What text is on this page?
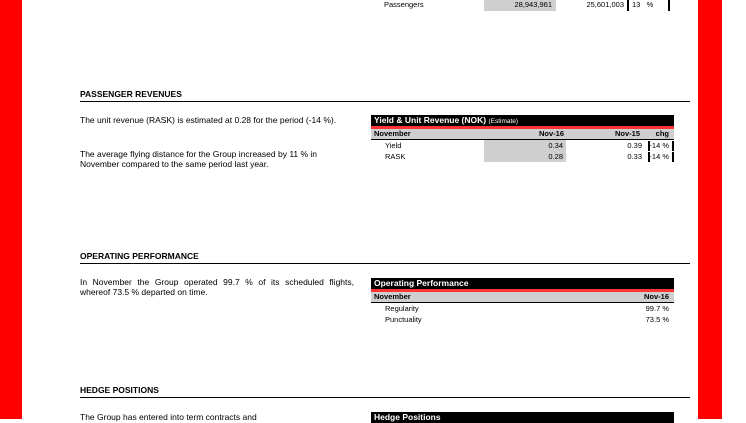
Passengers	28,943,961	25,601,003 13 %
PASSENGER REVENUES
The unit revenue (RASK) is estimated at 0.28 for the period (-14 %).
The average flying distance for the Group increased by 11 % in November compared to the same period last year.
Yield & Unit Revenue (NOK) (Estimate)
November	Nov-16	Nov-15	chg
Yield	0.34	0.39 -14 %
RASK	0.28	0.33 -14 %
OPERATING PERFORMANCE
In November the Group operated 99.7 % of its scheduled flights, whereof 73.5 % departed on time.
Operating Performance
November	Nov-16
Regularity	99.7 %
Punctuality	73.5 %
HEDGE POSITIONS
The Group has entered into term contracts and	Hedge Positions
